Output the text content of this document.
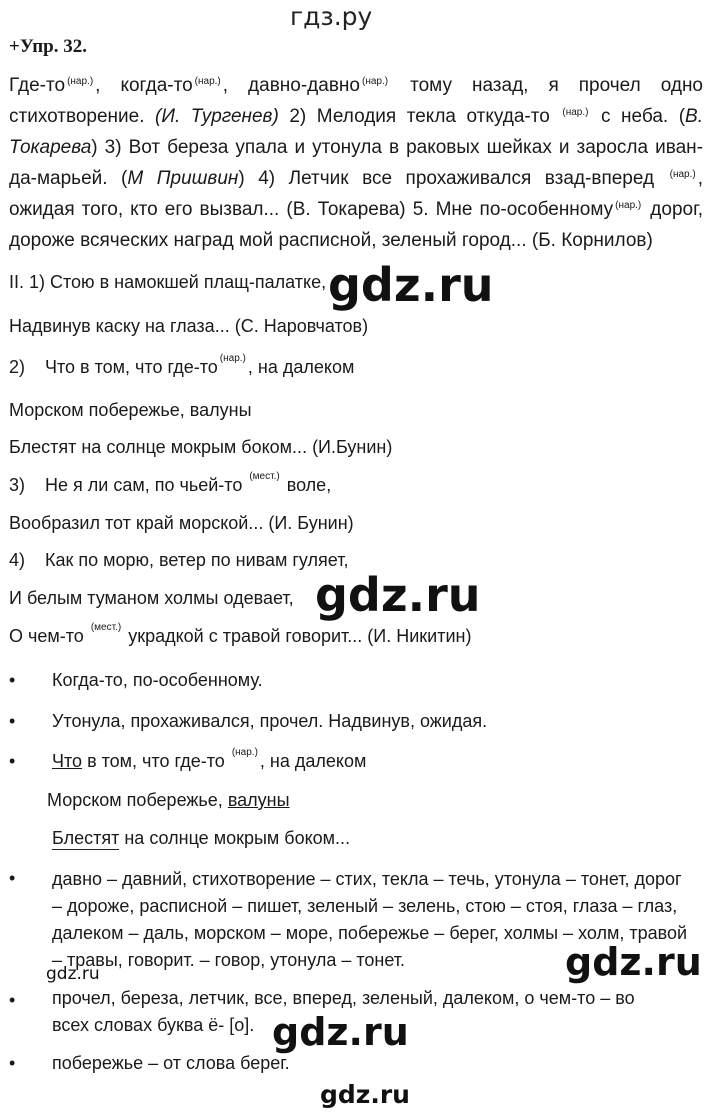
гдз.ру
+Упр. 32.
Где-то $^{(нар.)}$ , когда-то $^{(нар.)}$ , давно-давно $^{(нар.)}$ тому назад, я прочел одно стихотворение. (И. Тургенев) 2) Мелодия текла откуда-то $^{(нар.)}$ с неба. (В. Токарева) 3) Вот береза упала и утонула в раковых шейках и заросла иван-да-марьей. (М Пришвин) 4) Летчик все прохаживался взад-вперед $^{(нар.)}$ , ожидая того, кто его вызвал... (В. Токарева) 5. Мне по-особенному $^{(нар.)}$ дорог, дороже всяческих наград мой расписной, зеленый город... (Б. Корнилов)
II. 1) Стою в намокшей плащ-палатке,
Надвинув каску на глаза... (С. Наровчатов)
2) Что в том, что где-то $^{(нар.)}$ , на далеком
Морском побережье, валуны
Блестят на солнце мокрым боком... (И.Бунин)
3) Не я ли сам, по чьей-то $^{(мест.)}$ воле,
Вообразил тот край морской... (И. Бунин)
4) Как по морю, ветер по нивам гуляет,
И белым туманом холмы одевает,
О чем-то $^{(мест.)}$ украдкой с травой говорит... (И. Никитин)
• Когда-то, по-особенному.
• Утонула, прохаживался, прочел. Надвинув, ожидая.
• Что в том, что где-то $^{(нар.)}$ , на далеком
Морском побережье, валуны
Блестят на солнце мокрым боком...
• давно – давний, стихотворение – стих, текла – течь, утонула – тонет, дорог – дороже, расписной – пишет, зеленый – зелень, стою – стоя, глаза – глаз, далеком – даль, морском – море, побережье – берег, холмы – холм, травой – травы, говорит. – говор, утонула – тонет.
• прочел, береза, летчик, все, вперед, зеленый, далеком, о чем-то – во всех словах буква ё- [о].
• побережье – от слова берег.
gdz.ru
gdz.ru
gdz.ru	gdz.ru
gdz.ru
gdz.ru
